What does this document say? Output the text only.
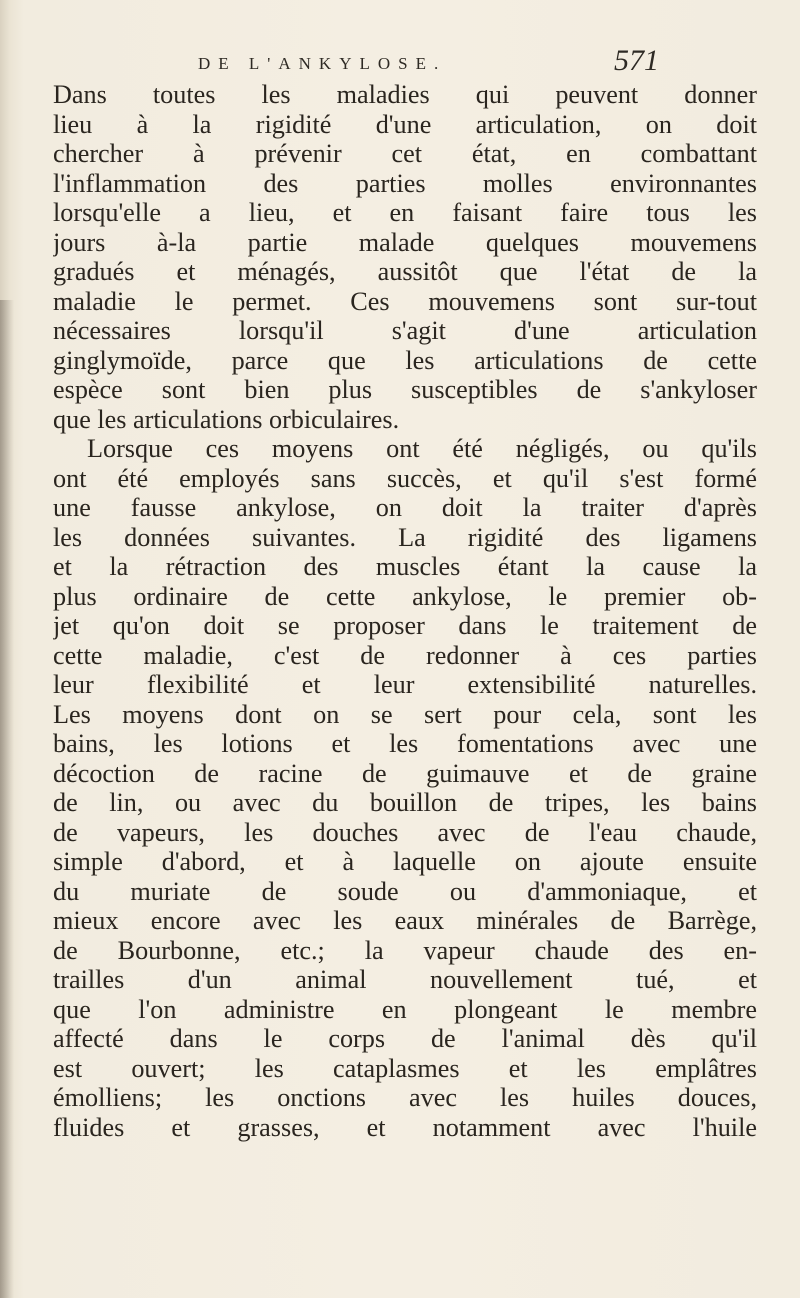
DE L'ANKYLOSE.	571
Dans toutes les maladies qui peuvent donner
lieu à la rigidité d'une articulation, on doit
chercher à prévenir cet état, en combattant
l'inflammation des parties molles environnantes
lorsqu'elle a lieu, et en faisant faire tous les
jours à-la partie malade quelques mouvemens
gradués et ménagés, aussitôt que l'état de la
maladie le permet. Ces mouvemens sont sur-tout
nécessaires lorsqu'il s'agit d'une articulation
ginglymoïde, parce que les articulations de cette
espèce sont bien plus susceptibles de s'ankyloser
que les articulations orbiculaires.
Lorsque ces moyens ont été négligés, ou qu'ils
ont été employés sans succès, et qu'il s'est formé
une fausse ankylose, on doit la traiter d'après
les données suivantes. La rigidité des ligamens
et la rétraction des muscles étant la cause la
plus ordinaire de cette ankylose, le premier ob-
jet qu'on doit se proposer dans le traitement de
cette maladie, c'est de redonner à ces parties
leur flexibilité et leur extensibilité naturelles.
Les moyens dont on se sert pour cela, sont les
bains, les lotions et les fomentations avec une
décoction de racine de guimauve et de graine
de lin, ou avec du bouillon de tripes, les bains
de vapeurs, les douches avec de l'eau chaude,
simple d'abord, et à laquelle on ajoute ensuite
du muriate de soude ou d'ammoniaque, et
mieux encore avec les eaux minérales de Barrège,
de Bourbonne, etc.; la vapeur chaude des en-
trailles d'un animal nouvellement tué, et
que l'on administre en plongeant le membre
affecté dans le corps de l'animal dès qu'il
est ouvert; les cataplasmes et les emplâtres
émolliens; les onctions avec les huiles douces,
fluides et grasses, et notamment avec l'huile
